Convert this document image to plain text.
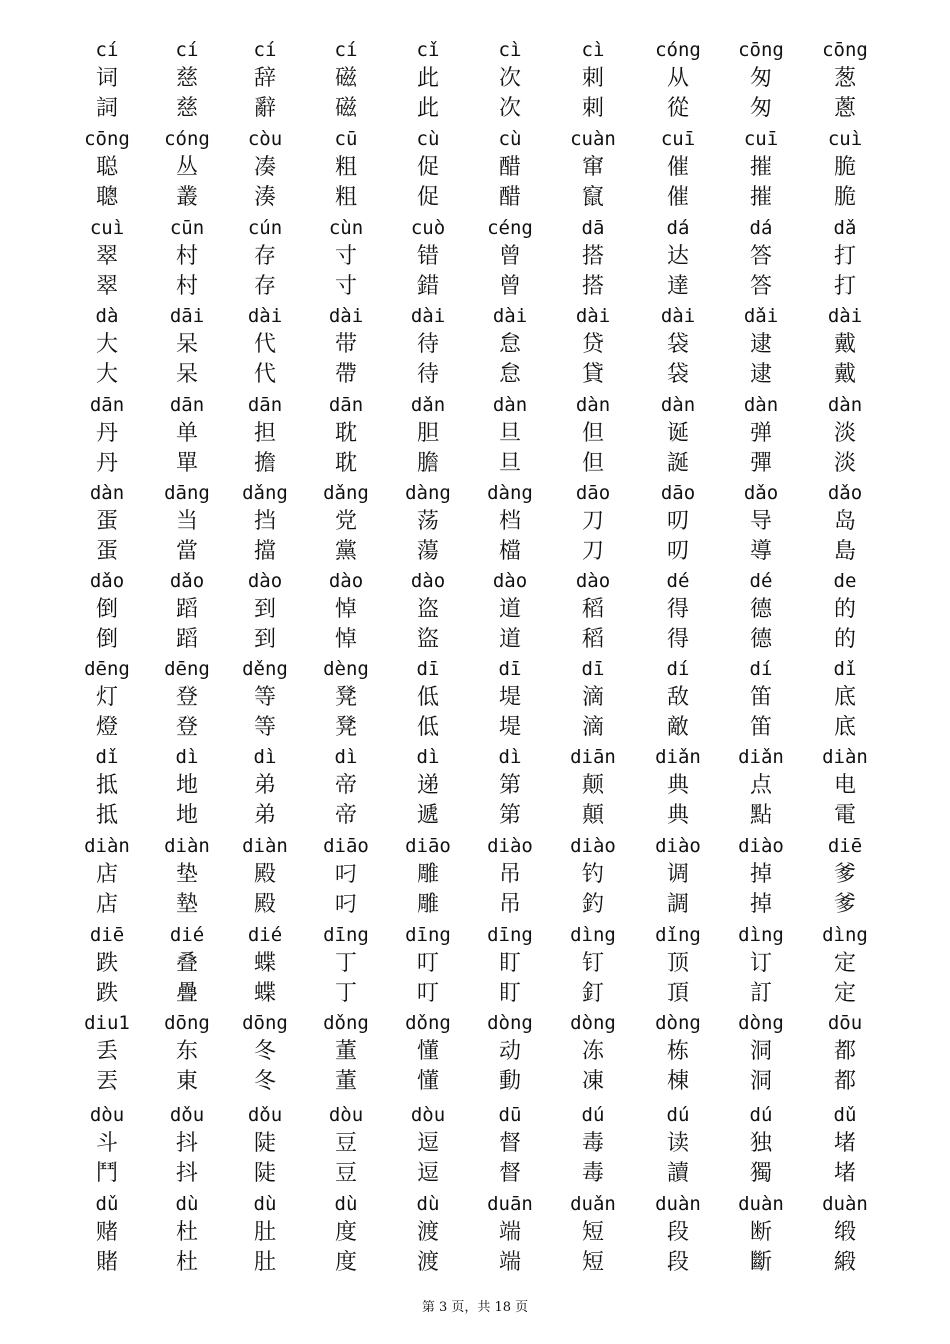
cí
词
詞
cí
慈
慈
cí
辞
辭
cí
磁
磁
cǐ
此
此
cì
次
次
cì
刺
刺
cóng
从
從
cōng
匆
匆
cōng
葱
蔥
cōng
聪
聰
cóng
丛
叢
còu
凑
湊
cū
粗
粗
cù
促
促
cù
醋
醋
cuàn
窜
竄
cuī
催
催
cuī
摧
摧
cuì
脆
脆
cuì
翠
翠
cūn
村
村
cún
存
存
cùn
寸
寸
cuò
错
錯
céng
曾
曾
dā
搭
搭
dá
达
達
dá
答
答
dǎ
打
打
dà
大
大
dāi
呆
呆
dài
代
代
dài
带
帶
dài
待
待
dài
怠
怠
dài
贷
貸
dài
袋
袋
dǎi
逮
逮
dài
戴
戴
dān
丹
丹
dān
单
單
dān
担
擔
dān
耽
耽
dǎn
胆
膽
dàn
旦
旦
dàn
但
但
dàn
诞
誕
dàn
弹
彈
dàn
淡
淡
dàn
蛋
蛋
dāng
当
當
dǎng
挡
擋
dǎng
党
黨
dàng
荡
蕩
dàng
档
檔
dāo
刀
刀
dāo
叨
叨
dǎo
导
導
dǎo
岛
島
dǎo
倒
倒
dǎo
蹈
蹈
dào
到
到
dào
悼
悼
dào
盗
盜
dào
道
道
dào
稻
稻
dé
得
得
dé
德
德
de
的
的
dēng
灯
燈
dēng
登
登
děng
等
等
dèng
凳
凳
dī
低
低
dī
堤
堤
dī
滴
滴
dí
敌
敵
dí
笛
笛
dǐ
底
底
dǐ
抵
抵
dì
地
地
dì
弟
弟
dì
帝
帝
dì
递
遞
dì
第
第
diān
颠
顛
diǎn
典
典
diǎn
点
點
diàn
电
電
diàn
店
店
diàn
垫
墊
diàn
殿
殿
diāo
叼
叼
diāo
雕
雕
diào
吊
吊
diào
钓
釣
diào
调
調
diào
掉
掉
diē
爹
爹
diē
跌
跌
dié
叠
疊
dié
蝶
蝶
dīng
丁
丁
dīng
叮
叮
dīng
盯
盯
dìng
钉
釘
dǐng
顶
頂
dìng
订
訂
dìng
定
定
diu1
丢
丟
dōng
东
東
dōng
冬
冬
dǒng
董
董
dǒng
懂
懂
dòng
动
動
dòng
冻
凍
dòng
栋
棟
dòng
洞
洞
dōu
都
都
dòu
斗
鬥
dǒu
抖
抖
dǒu
陡
陡
dòu
豆
豆
dòu
逗
逗
dū
督
督
dú
毒
毒
dú
读
讀
dú
独
獨
dǔ
堵
堵
dǔ
赌
賭
dù
杜
杜
dù
肚
肚
dù
度
度
dù
渡
渡
duān
端
端
duǎn
短
短
duàn
段
段
duàn
断
斷
duàn
缎
緞
第 3 页，共 18 页
